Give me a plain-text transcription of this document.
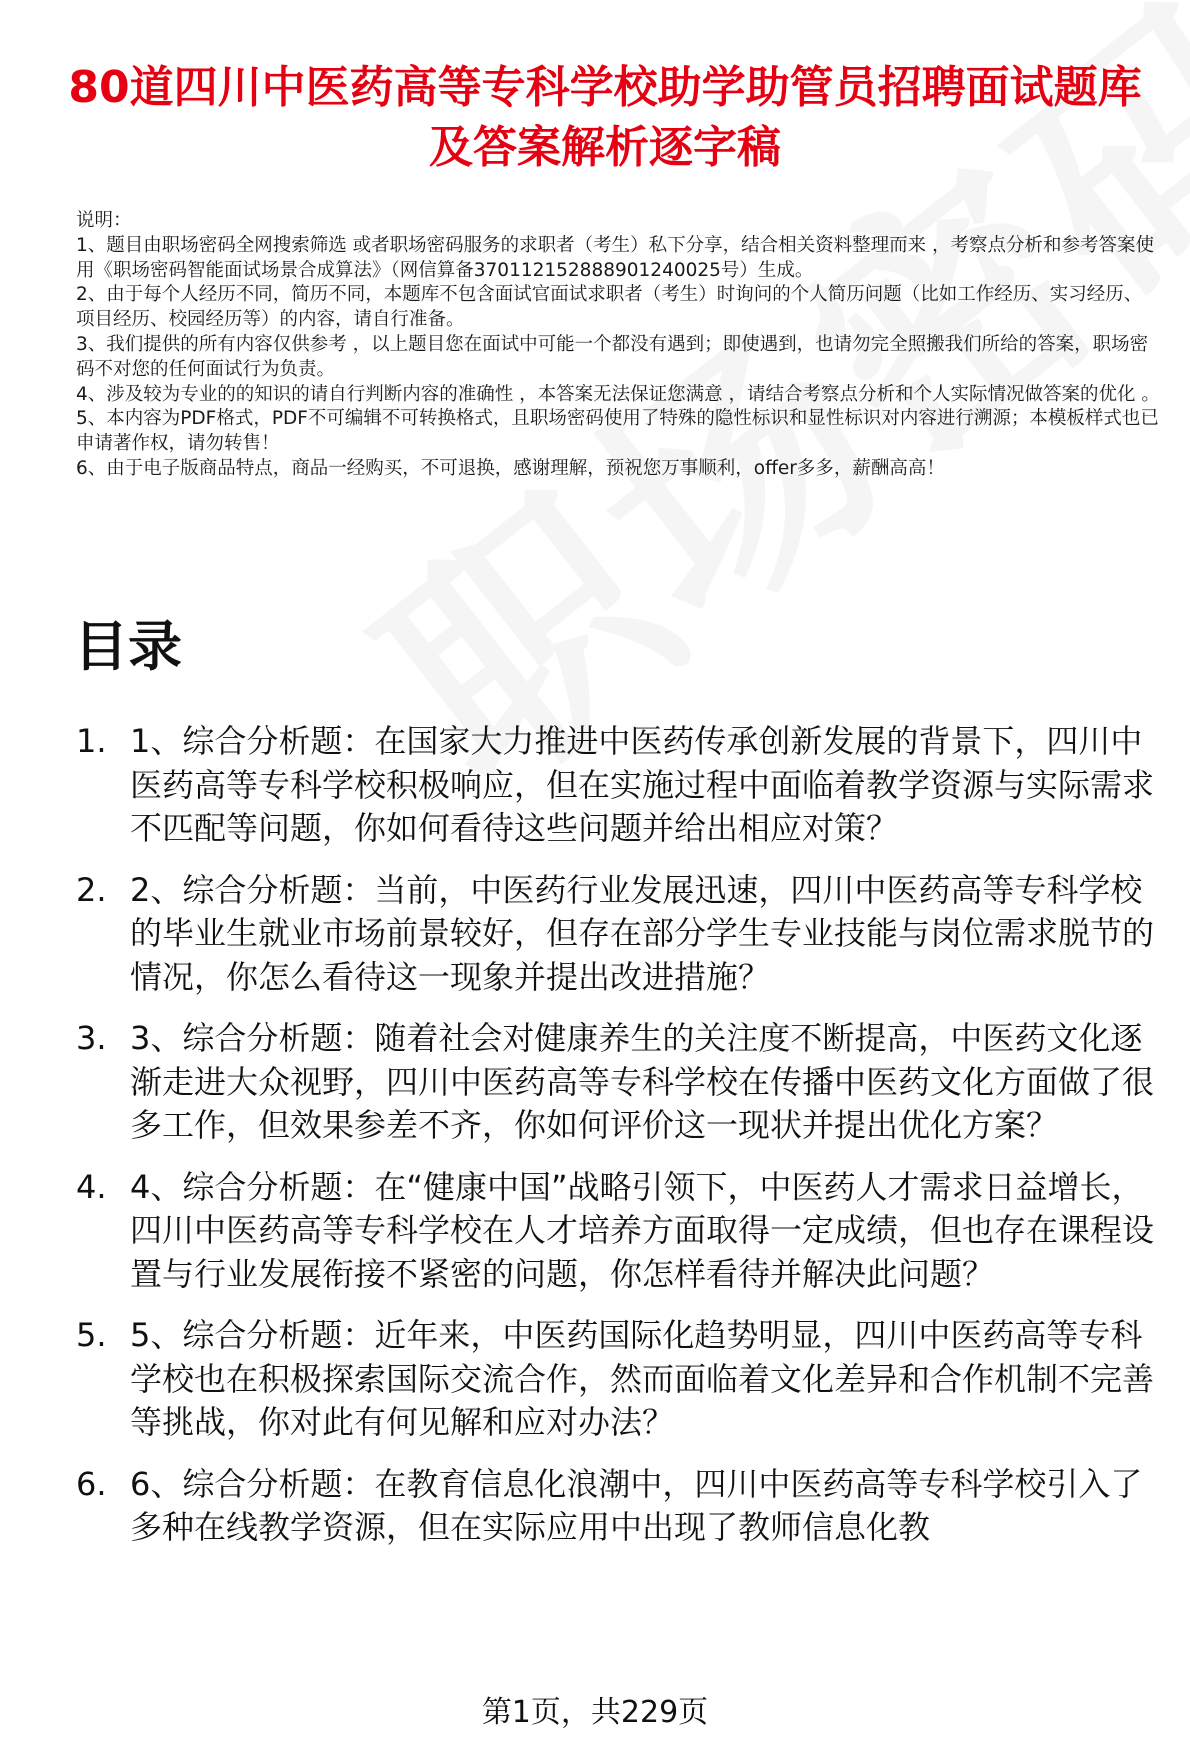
80道四川中医药高等专科学校助学助管员招聘面试题库及答案解析逐字稿

说明：

1、题目由职场密码全网搜索筛选 或者职场密码服务的求职者（考生）私下分享，结合相关资料整理而来 ，考察点分析和参考答案使用《职场密码智能面试场景合成算法》（网信算备370112152888901240025号）生成。

2、由于每个人经历不同，简历不同，本题库不包含面试官面试求职者（考生）时询问的个人简历问题（比如工作经历、实习经历、项目经历、校园经历等）的内容，请自行准备。

3、我们提供的所有内容仅供参考 ，以上题目您在面试中可能一个都没有遇到；即使遇到，也请勿完全照搬我们所给的答案，职场密码不对您的任何面试行为负责。

4、涉及较为专业的的知识的请自行判断内容的准确性 ，本答案无法保证您满意 ，请结合考察点分析和个人实际情况做答案的优化 。

5、本内容为PDF格式，PDF不可编辑不可转换格式，且职场密码使用了特殊的隐性标识和显性标识对内容进行溯源；本模板样式也已申请著作权，请勿转售！

6、由于电子版商品特点，商品一经购买，不可退换，感谢理解，预祝您万事顺利，offer多多，薪酬高高！

目录
1. 1、综合分析题：在国家大力推进中医药传承创新发展的背景下，四川中医药高等专科学校积极响应，但在实施过程中面临着教学资源与实际需求不匹配等问题，你如何看待这些问题并给出相应对策？
2. 2、综合分析题：当前，中医药行业发展迅速，四川中医药高等专科学校的毕业生就业市场前景较好，但存在部分学生专业技能与岗位需求脱节的情况，你怎么看待这一现象并提出改进措施？
3. 3、综合分析题：随着社会对健康养生的关注度不断提高，中医药文化逐渐走进大众视野，四川中医药高等专科学校在传播中医药文化方面做了很多工作，但效果参差不齐，你如何评价这一现状并提出优化方案？
4. 4、综合分析题：在“健康中国”战略引领下，中医药人才需求日益增长，四川中医药高等专科学校在人才培养方面取得一定成绩，但也存在课程设置与行业发展衔接不紧密的问题，你怎样看待并解决此问题？
5. 5、综合分析题：近年来，中医药国际化趋势明显，四川中医药高等专科学校也在积极探索国际交流合作，然而面临着文化差异和合作机制不完善等挑战，你对此有何见解和应对办法？
6. 6、综合分析题：在教育信息化浪潮中，四川中医药高等专科学校引入了多种在线教学资源，但在实际应用中出现了教师信息化教
第1页，共229页
